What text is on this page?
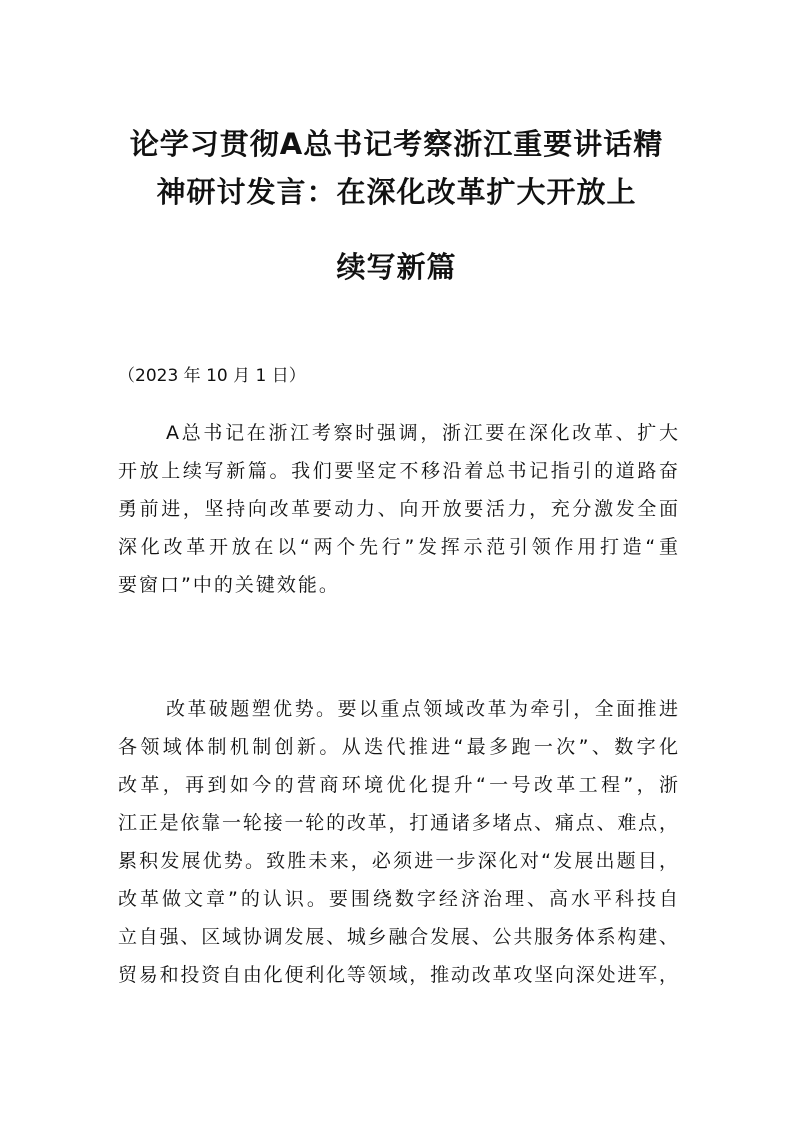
论学习贯彻A总书记考察浙江重要讲话精
神研讨发言：在深化改革扩大开放上
续写新篇
（2023 年 10 月 1 日）
A总书记在浙江考察时强调，浙江要在深化改革、扩大
开放上续写新篇。我们要坚定不移沿着总书记指引的道路奋
勇前进，坚持向改革要动力、向开放要活力，充分激发全面
深化改革开放在以“两个先行”发挥示范引领作用打造“重
要窗口”中的关键效能。
改革破题塑优势。要以重点领域改革为牵引，全面推进
各领域体制机制创新。从迭代推进“最多跑一次”、数字化
改革，再到如今的营商环境优化提升“一号改革工程”，浙
江正是依靠一轮接一轮的改革，打通诸多堵点、痛点、难点，
累积发展优势。致胜未来，必须进一步深化对“发展出题目，
改革做文章”的认识。要围绕数字经济治理、高水平科技自
立自强、区域协调发展、城乡融合发展、公共服务体系构建、
贸易和投资自由化便利化等领域，推动改革攻坚向深处进军，
